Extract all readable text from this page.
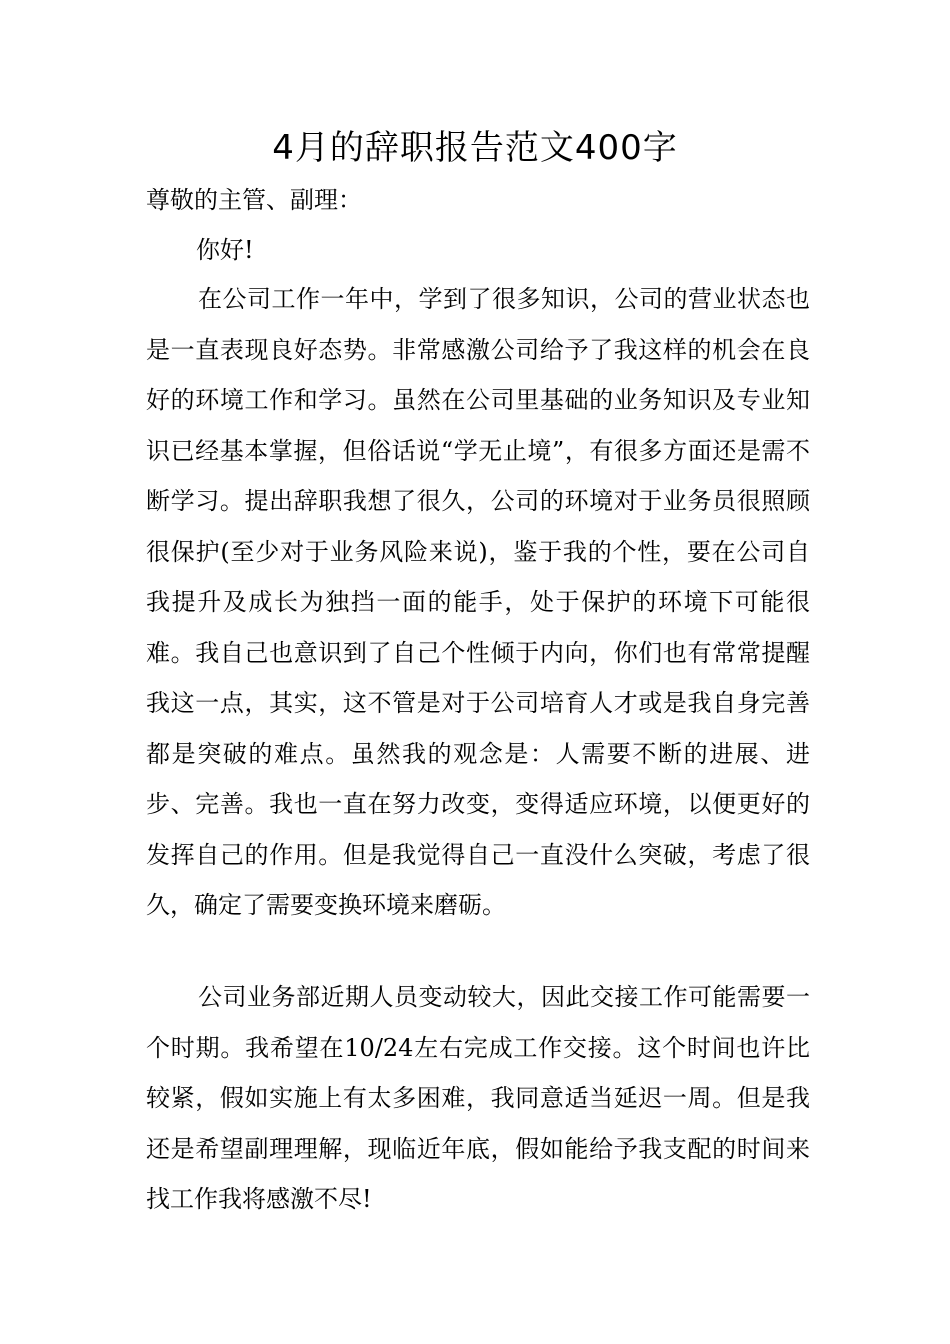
4月的辞职报告范文400字
尊敬的主管、副理：
你好!

在公司工作一年中，学到了很多知识，公司的营业状态也是一直表现良好态势。非常感激公司给予了我这样的机会在良好的环境工作和学习。虽然在公司里基础的业务知识及专业知识已经基本掌握，但俗话说“学无止境”，有很多方面还是需不断学习。提出辞职我想了很久，公司的环境对于业务员很照顾很保护(至少对于业务风险来说)，鉴于我的个性，要在公司自我提升及成长为独挡一面的能手，处于保护的环境下可能很难。我自己也意识到了自己个性倾于内向，你们也有常常提醒我这一点，其实，这不管是对于公司培育人才或是我自身完善都是突破的难点。虽然我的观念是：人需要不断的进展、进步、完善。我也一直在努力改变，变得适应环境，以便更好的发挥自己的作用。但是我觉得自己一直没什么突破，考虑了很久，确定了需要变换环境来磨砺。

公司业务部近期人员变动较大，因此交接工作可能需要一个时期。我希望在10/24左右完成工作交接。这个时间也许比较紧，假如实施上有太多困难，我同意适当延迟一周。但是我还是希望副理理解，现临近年底，假如能给予我支配的时间来找工作我将感激不尽!
